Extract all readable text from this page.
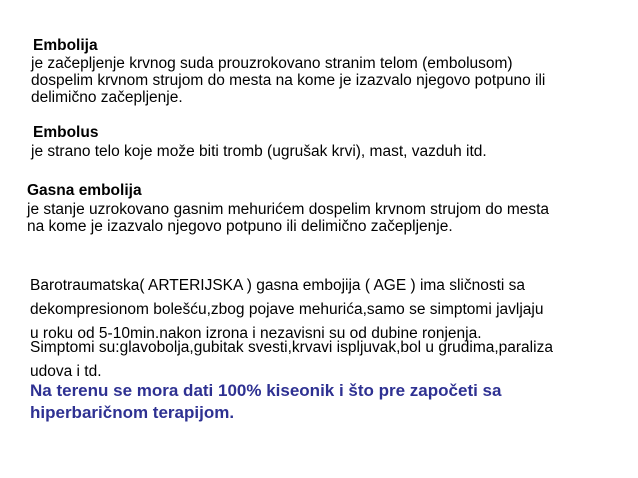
Embolija
je začepljenje krvnog suda prouzrokovano stranim telom (embolusom)
dospelim krvnom strujom do mesta na kome je izazvalo njegovo potpuno ili
delimično začepljenje.
Embolus
je strano telo koje može biti tromb (ugrušak krvi), mast, vazduh itd.
Gasna embolija
je stanje uzrokovano gasnim mehurićem dospelim krvnom strujom do mesta
na kome je izazvalo njegovo potpuno ili delimično začepljenje.
Barotraumatska( ARTERIJSKA ) gasna embojija ( AGE ) ima sličnosti sa
dekompresionom bolešću,zbog pojave mehurića,samo se simptomi javljaju
u roku od 5-10min.nakon izrona i nezavisni su od dubine ronjenja.
Simptomi su:glavobolja,gubitak svesti,krvavi ispljuvak,bol u grudima,paraliza
udova i td.
Na terenu se mora dati 100% kiseonik i što pre započeti sa
hiperbaričnom terapijom.
